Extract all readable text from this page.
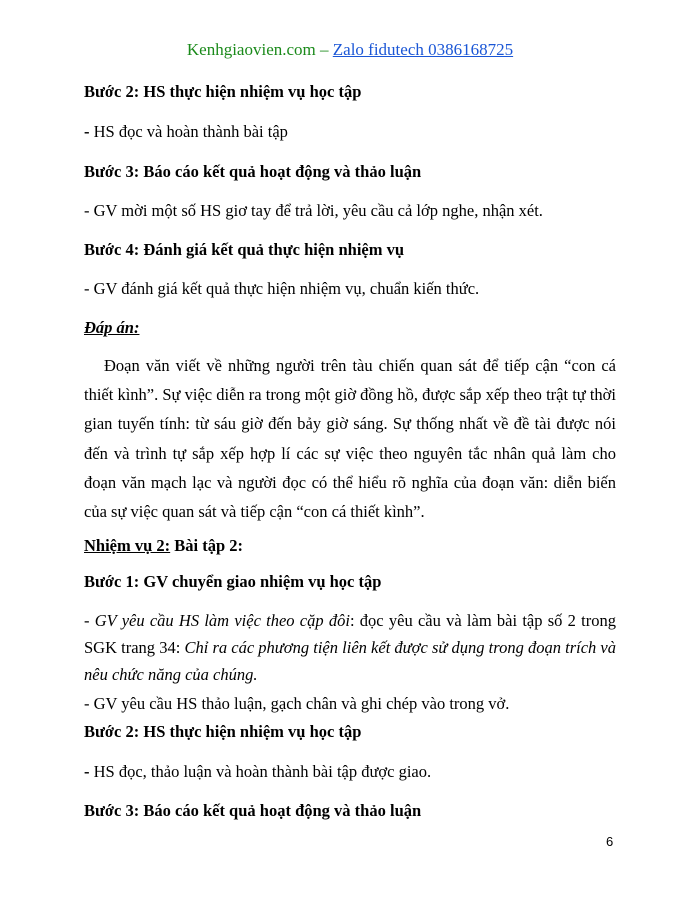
Kenhgiaovien.com – Zalo fidutech 0386168725
Bước 2: HS thực hiện nhiệm vụ học tập
- HS đọc và hoàn thành bài tập
Bước 3: Báo cáo kết quả hoạt động và thảo luận
- GV mời một số HS giơ tay để trả lời, yêu cầu cả lớp nghe, nhận xét.
Bước 4: Đánh giá kết quả thực hiện nhiệm vụ
- GV đánh giá kết quả thực hiện nhiệm vụ, chuẩn kiến thức.
Đáp án:
Đoạn văn viết về những người trên tàu chiến quan sát để tiếp cận “con cá thiết kình”. Sự việc diễn ra trong một giờ đồng hồ, được sắp xếp theo trật tự thời gian tuyến tính: từ sáu giờ đến bảy giờ sáng. Sự thống nhất về đề tài được nói đến và trình tự sắp xếp hợp lí các sự việc theo nguyên tắc nhân quả làm cho đoạn văn mạch lạc và người đọc có thể hiểu rõ nghĩa của đoạn văn: diễn biến của sự việc quan sát và tiếp cận “con cá thiết kình”.
Nhiệm vụ 2: Bài tập 2:
Bước 1: GV chuyển giao nhiệm vụ học tập
- GV yêu cầu HS làm việc theo cặp đôi: đọc yêu cầu và làm bài tập số 2 trong SGK trang 34: Chỉ ra các phương tiện liên kết được sử dụng trong đoạn trích và nêu chức năng của chúng.
- GV yêu cầu HS thảo luận, gạch chân và ghi chép vào trong vở.
Bước 2: HS thực hiện nhiệm vụ học tập
- HS đọc, thảo luận và hoàn thành bài tập được giao.
Bước 3: Báo cáo kết quả hoạt động và thảo luận
6
